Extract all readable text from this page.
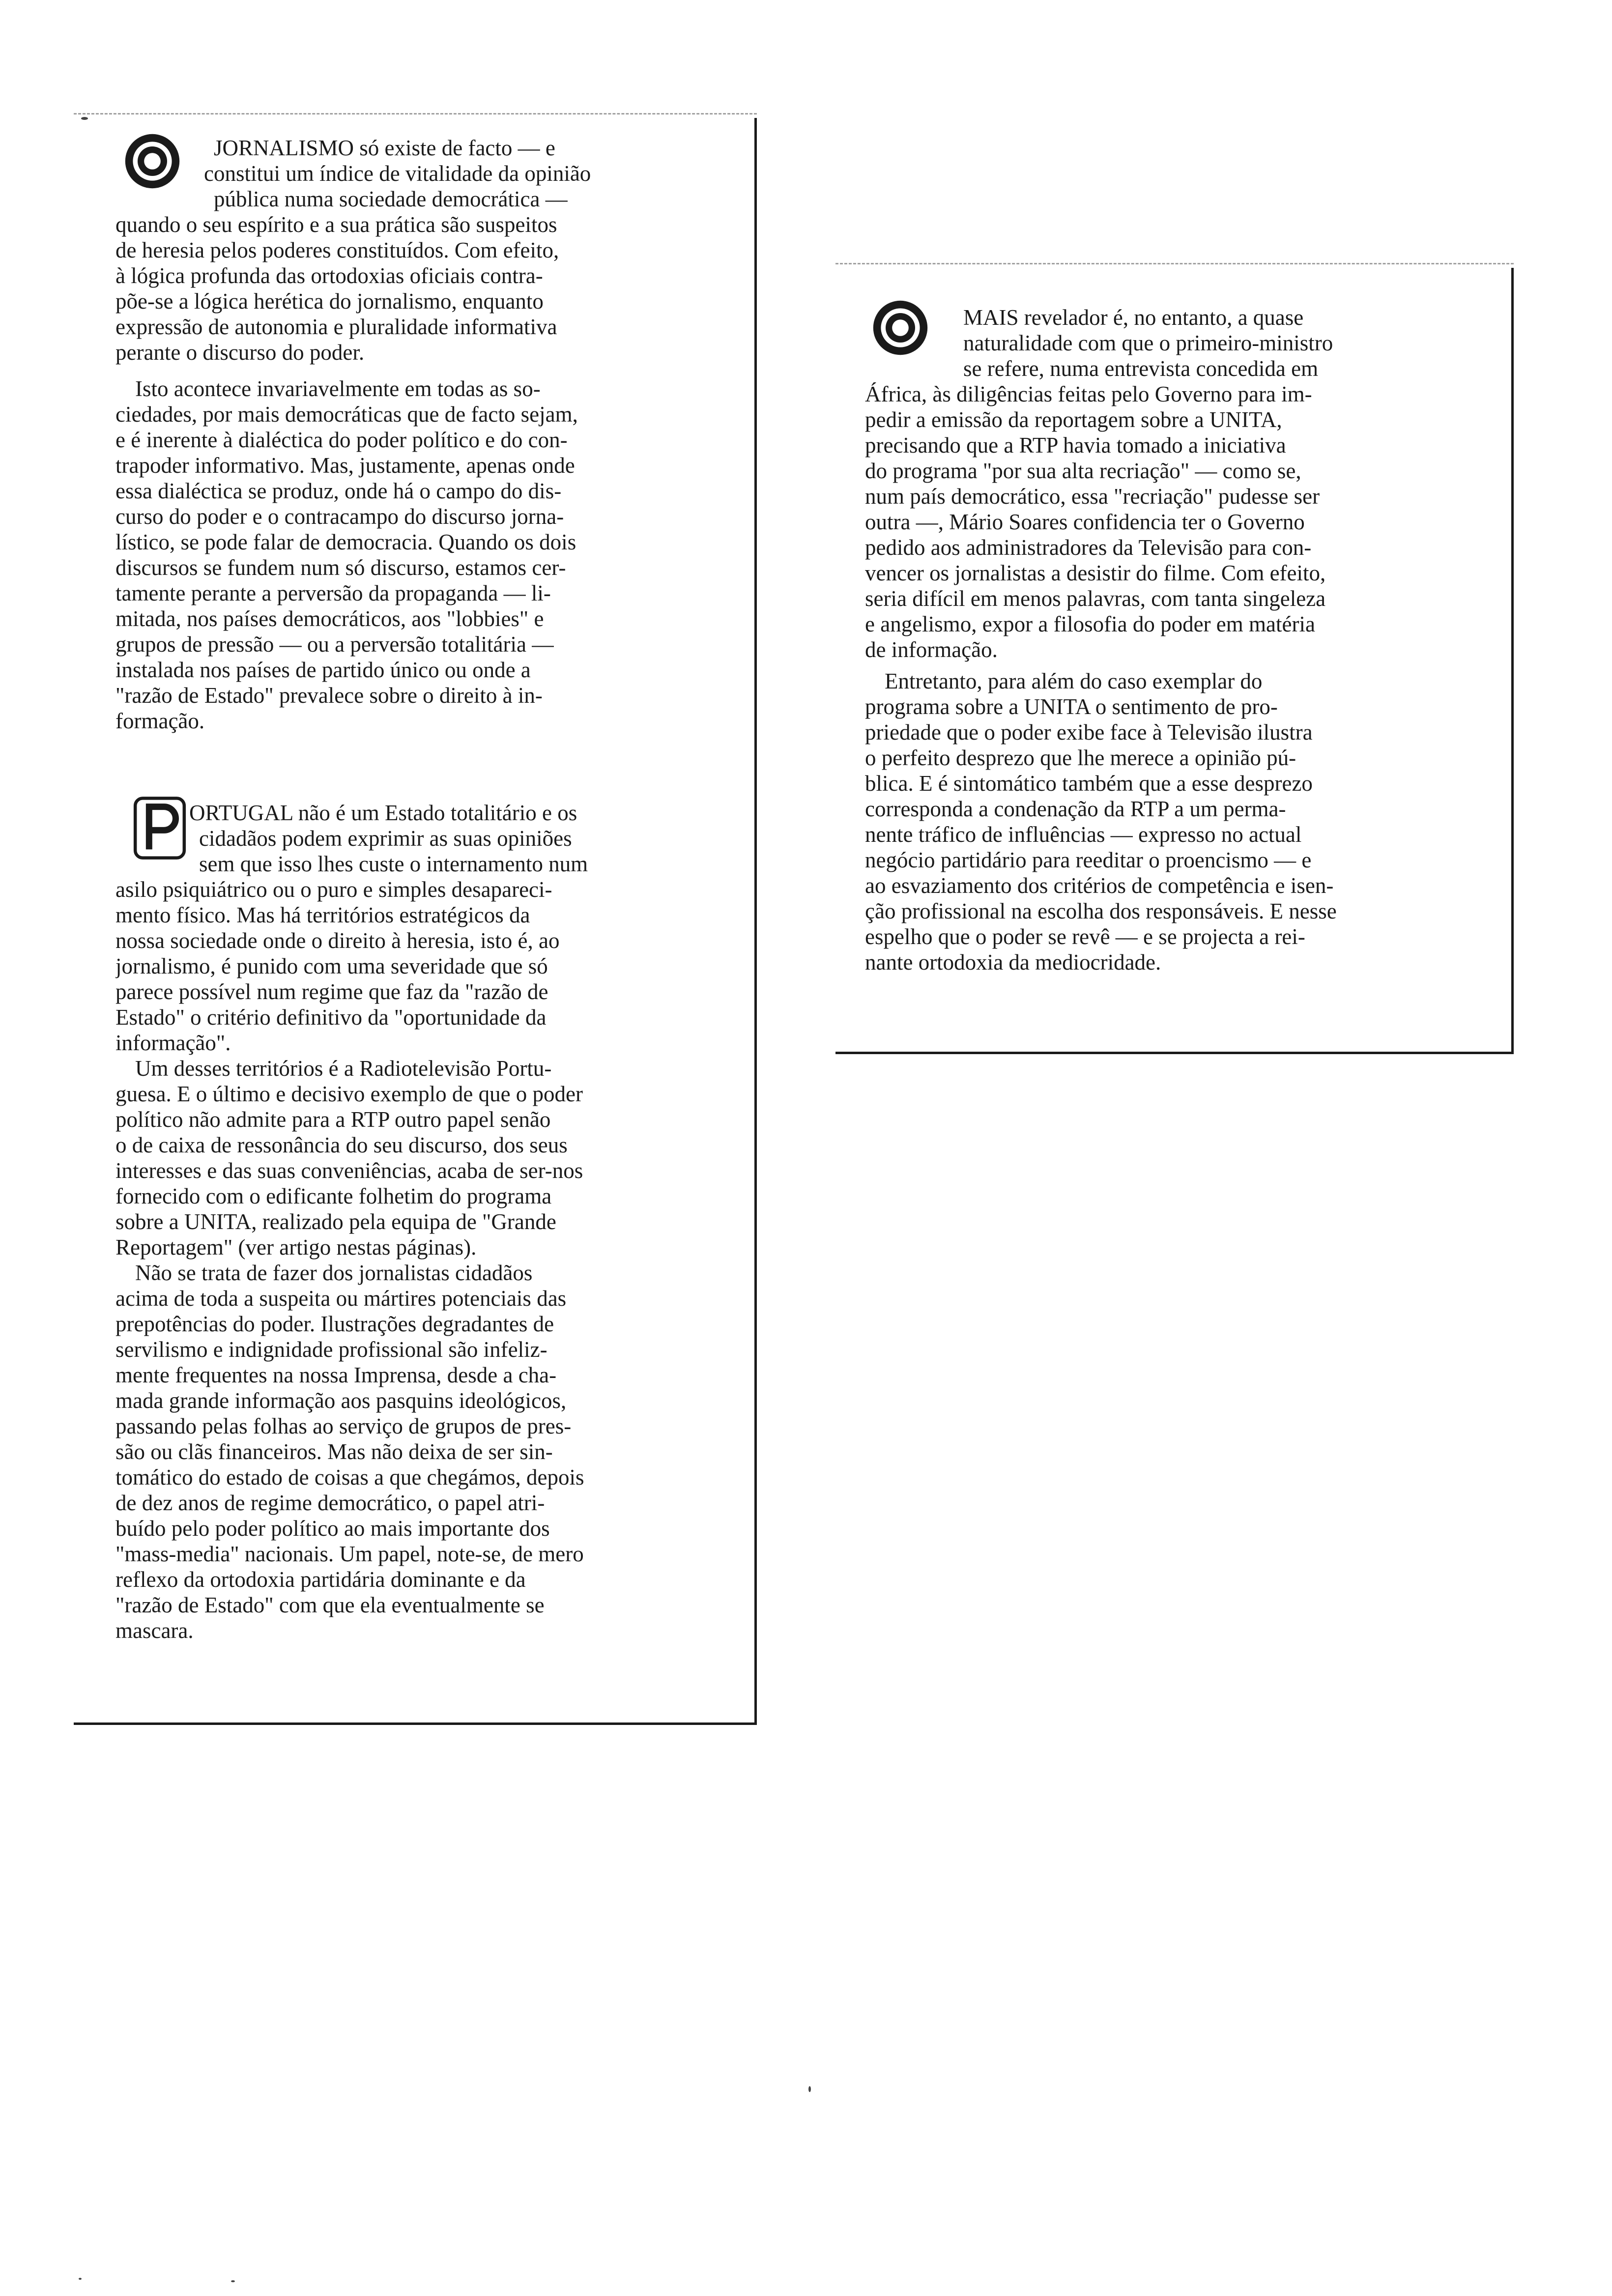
JORNALISMO só existe de facto — e
constitui um índice de vitalidade da opinião
pública numa sociedade democrática —
quando o seu espírito e a sua prática são suspeitos
de heresia pelos poderes constituídos. Com efeito,
à lógica profunda das ortodoxias oficiais contra-
põe-se a lógica herética do jornalismo, enquanto
expressão de autonomia e pluralidade informativa
perante o discurso do poder.
Isto acontece invariavelmente em todas as so-
ciedades, por mais democráticas que de facto sejam,
e é inerente à dialéctica do poder político e do con-
trapoder informativo. Mas, justamente, apenas onde
essa dialéctica se produz, onde há o campo do dis-
curso do poder e o contracampo do discurso jorna-
lístico, se pode falar de democracia. Quando os dois
discursos se fundem num só discurso, estamos cer-
tamente perante a perversão da propaganda — li-
mitada, nos países democráticos, aos "lobbies" e
grupos de pressão — ou a perversão totalitária —
instalada nos países de partido único ou onde a
"razão de Estado" prevalece sobre o direito à in-
formação.
ORTUGAL não é um Estado totalitário e os
cidadãos podem exprimir as suas opiniões
sem que isso lhes custe o internamento num
asilo psiquiátrico ou o puro e simples desapareci-
mento físico. Mas há territórios estratégicos da
nossa sociedade onde o direito à heresia, isto é, ao
jornalismo, é punido com uma severidade que só
parece possível num regime que faz da "razão de
Estado" o critério definitivo da "oportunidade da
informação".
Um desses territórios é a Radiotelevisão Portu-
guesa. E o último e decisivo exemplo de que o poder
político não admite para a RTP outro papel senão
o de caixa de ressonância do seu discurso, dos seus
interesses e das suas conveniências, acaba de ser-nos
fornecido com o edificante folhetim do programa
sobre a UNITA, realizado pela equipa de "Grande
Reportagem" (ver artigo nestas páginas).
Não se trata de fazer dos jornalistas cidadãos
acima de toda a suspeita ou mártires potenciais das
prepotências do poder. Ilustrações degradantes de
servilismo e indignidade profissional são infeliz-
mente frequentes na nossa Imprensa, desde a cha-
mada grande informação aos pasquins ideológicos,
passando pelas folhas ao serviço de grupos de pres-
são ou clãs financeiros. Mas não deixa de ser sin-
tomático do estado de coisas a que chegámos, depois
de dez anos de regime democrático, o papel atri-
buído pelo poder político ao mais importante dos
"mass-media" nacionais. Um papel, note-se, de mero
reflexo da ortodoxia partidária dominante e da
"razão de Estado" com que ela eventualmente se
mascara.
MAIS revelador é, no entanto, a quase
naturalidade com que o primeiro-ministro
se refere, numa entrevista concedida em
África, às diligências feitas pelo Governo para im-
pedir a emissão da reportagem sobre a UNITA,
precisando que a RTP havia tomado a iniciativa
do programa "por sua alta recriação" — como se,
num país democrático, essa "recriação" pudesse ser
outra —, Mário Soares confidencia ter o Governo
pedido aos administradores da Televisão para con-
vencer os jornalistas a desistir do filme. Com efeito,
seria difícil em menos palavras, com tanta singeleza
e angelismo, expor a filosofia do poder em matéria
de informação.
Entretanto, para além do caso exemplar do
programa sobre a UNITA o sentimento de pro-
priedade que o poder exibe face à Televisão ilustra
o perfeito desprezo que lhe merece a opinião pú-
blica. E é sintomático também que a esse desprezo
corresponda a condenação da RTP a um perma-
nente tráfico de influências — expresso no actual
negócio partidário para reeditar o proencismo — e
ao esvaziamento dos critérios de competência e isen-
ção profissional na escolha dos responsáveis. E nesse
espelho que o poder se revê — e se projecta a rei-
nante ortodoxia da mediocridade.
